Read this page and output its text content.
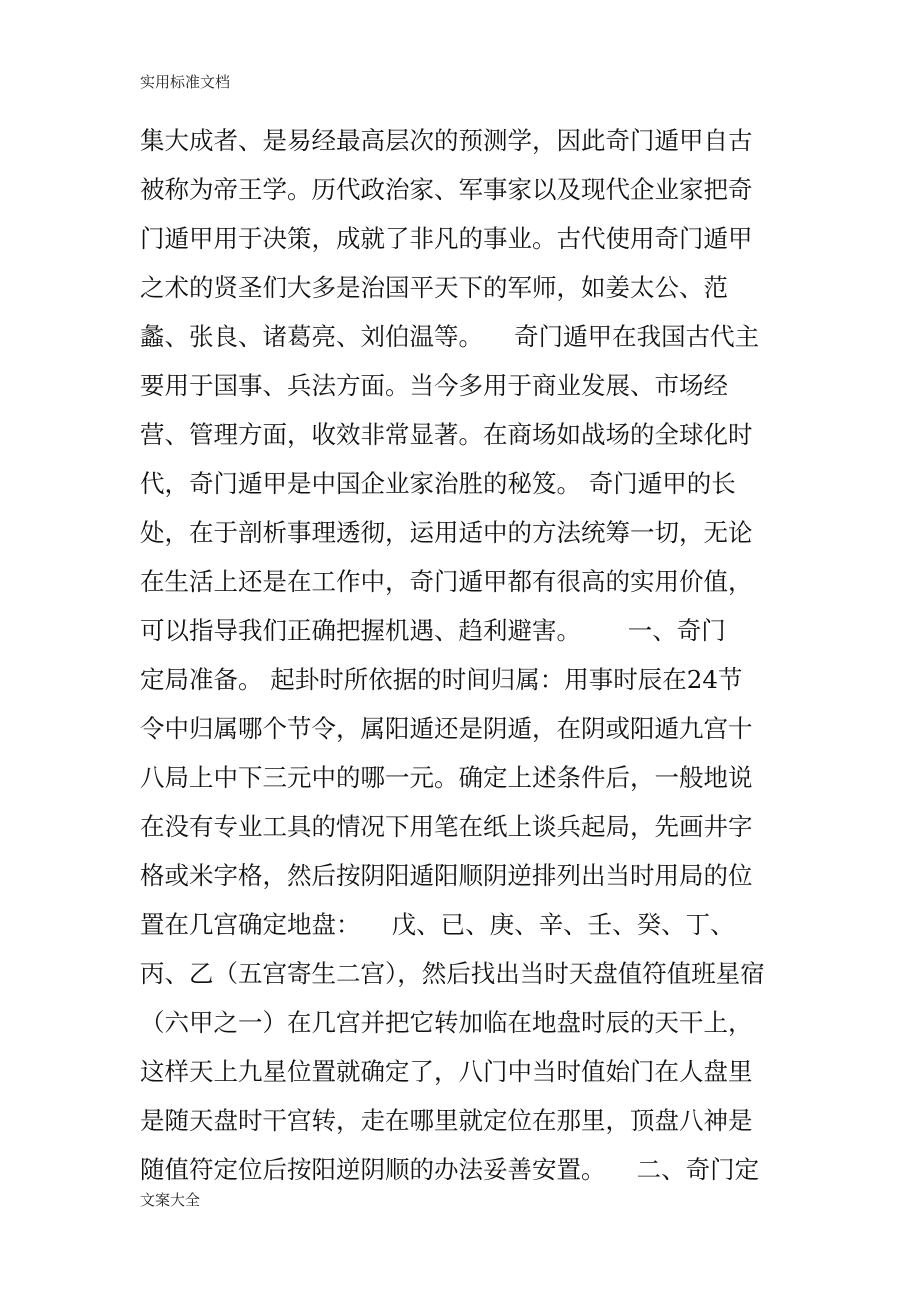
实用标准文档
集大成者、是易经最高层次的预测学，因此奇门遁甲自古
被称为帝王学。历代政治家、军事家以及现代企业家把奇
门遁甲用于决策，成就了非凡的事业。古代使用奇门遁甲
之术的贤圣们大多是治国平天下的军师，如姜太公、范
蠡、张良、诸葛亮、刘伯温等。    奇门遁甲在我国古代主
要用于国事、兵法方面。当今多用于商业发展、市场经
营、管理方面，收效非常显著。在商场如战场的全球化时
代，奇门遁甲是中国企业家治胜的秘笈。 奇门遁甲的长
处，在于剖析事理透彻，运用适中的方法统筹一切，无论
在生活上还是在工作中，奇门遁甲都有很高的实用价值，
可以指导我们正确把握机遇、趋利避害。      一、奇门
定局准备。 起卦时所依据的时间归属：用事时辰在24节
令中归属哪个节令，属阳遁还是阴遁，在阴或阳遁九宫十
八局上中下三元中的哪一元。确定上述条件后，一般地说
在没有专业工具的情况下用笔在纸上谈兵起局，先画井字
格或米字格，然后按阴阳遁阳顺阴逆排列出当时用局的位
置在几宫确定地盘：    戊、已、庚、辛、壬、癸、丁、
丙、乙（五宫寄生二宫），然后找出当时天盘值符值班星宿
（六甲之一）在几宫并把它转加临在地盘时辰的天干上，
这样天上九星位置就确定了，八门中当时值始门在人盘里
是随天盘时干宫转，走在哪里就定位在那里，顶盘八神是
随值符定位后按阳逆阴顺的办法妥善安置。    二、奇门定
文案大全
